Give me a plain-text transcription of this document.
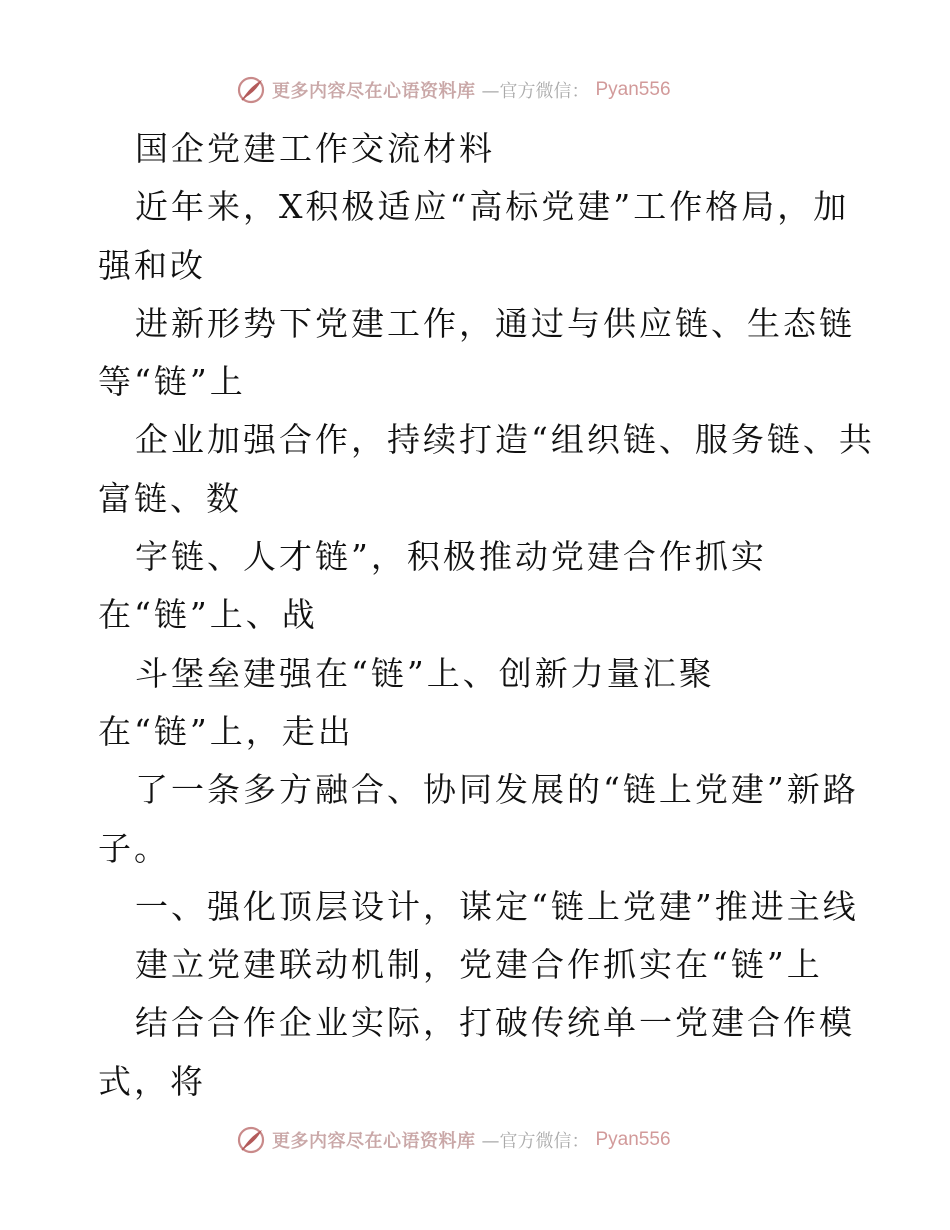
更多内容尽在心语资料库 —官方微信： Pyan556
国企党建工作交流材料
近年来，X积极适应“高标党建”工作格局，加
强和改
进新形势下党建工作，通过与供应链、生态链
等“链”上
企业加强合作，持续打造“组织链、服务链、共
富链、数
字链、人才链”，积极推动党建合作抓实
在“链”上、战
斗堡垒建强在“链”上、创新力量汇聚
在“链”上，走出
了一条多方融合、协同发展的“链上党建”新路
子。
一、强化顶层设计，谋定“链上党建”推进主线
建立党建联动机制，党建合作抓实在“链”上
结合合作企业实际，打破传统单一党建合作模
式，将
更多内容尽在心语资料库 —官方微信： Pyan556
